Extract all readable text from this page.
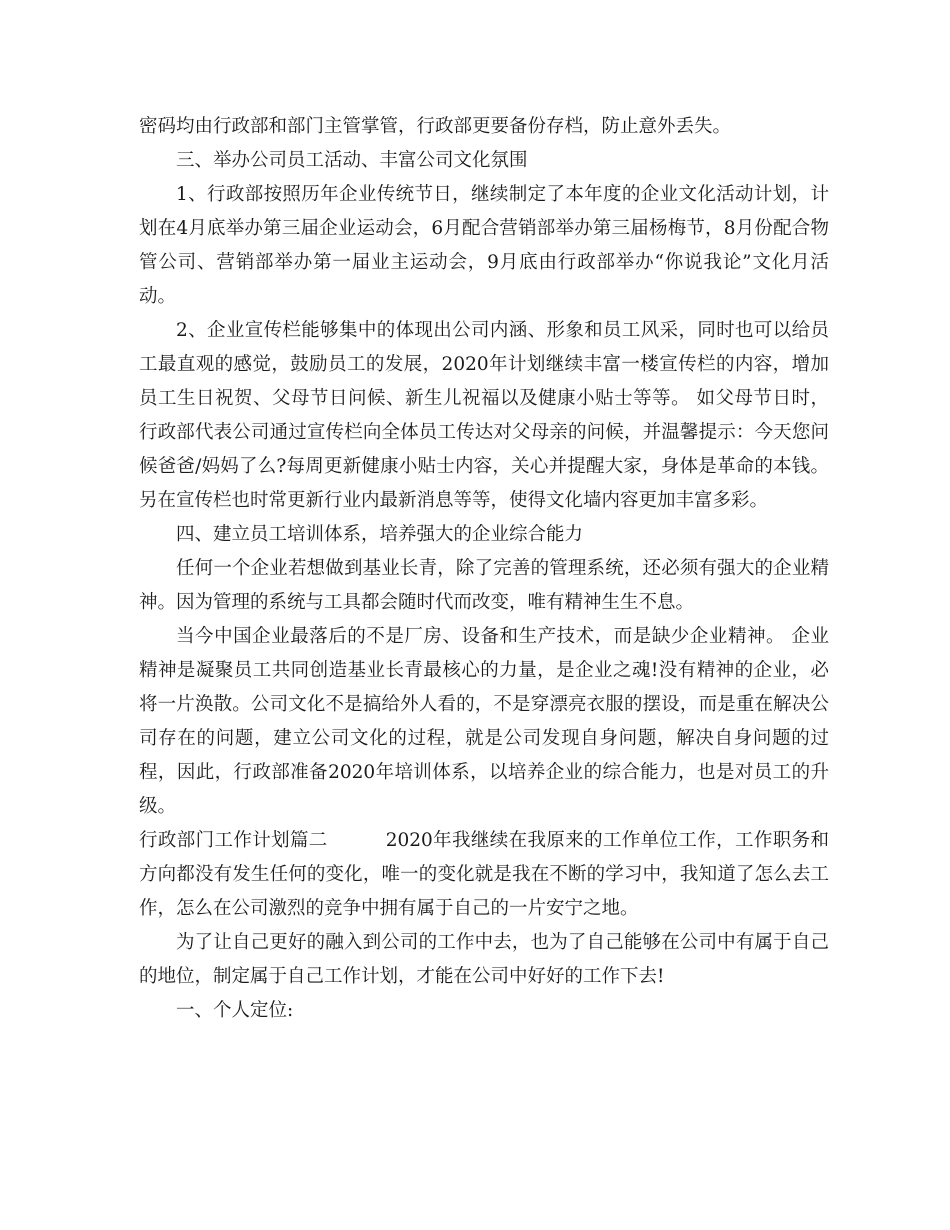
密码均由行政部和部门主管掌管，行政部更要备份存档，防止意外丢失。

三、举办公司员工活动、丰富公司文化氛围

1、行政部按照历年企业传统节日，继续制定了本年度的企业文化活动计划，计划在4月底举办第三届企业运动会，6月配合营销部举办第三届杨梅节，8月份配合物管公司、营销部举办第一届业主运动会，9月底由行政部举办“你说我论”文化月活动。

2、企业宣传栏能够集中的体现出公司内涵、形象和员工风采，同时也可以给员工最直观的感觉，鼓励员工的发展，2020年计划继续丰富一楼宣传栏的内容，增加员工生日祝贺、父母节日问候、新生儿祝福以及健康小贴士等等。 如父母节日时，行政部代表公司通过宣传栏向全体员工传达对父母亲的问候，并温馨提示：今天您问候爸爸/妈妈了么?每周更新健康小贴士内容，关心并提醒大家，身体是革命的本钱。另在宣传栏也时常更新行业内最新消息等等，使得文化墙内容更加丰富多彩。

四、建立员工培训体系，培养强大的企业综合能力

任何一个企业若想做到基业长青，除了完善的管理系统，还必须有强大的企业精神。因为管理的系统与工具都会随时代而改变，唯有精神生生不息。

当今中国企业最落后的不是厂房、设备和生产技术，而是缺少企业精神。 企业精神是凝聚员工共同创造基业长青最核心的力量，是企业之魂!没有精神的企业，必将一片涣散。公司文化不是搞给外人看的，不是穿漂亮衣服的摆设，而是重在解决公司存在的问题，建立公司文化的过程，就是公司发现自身问题，解决自身问题的过程，因此，行政部准备2020年培训体系，以培养企业的综合能力，也是对员工的升级。

行政部门工作计划篇二	2020年我继续在我原来的工作单位工作，工作职务和方向都没有发生任何的变化，唯一的变化就是我在不断的学习中，我知道了怎么去工作，怎么在公司激烈的竞争中拥有属于自己的一片安宁之地。

为了让自己更好的融入到公司的工作中去，也为了自己能够在公司中有属于自己的地位，制定属于自己工作计划，才能在公司中好好的工作下去!

一、个人定位:
